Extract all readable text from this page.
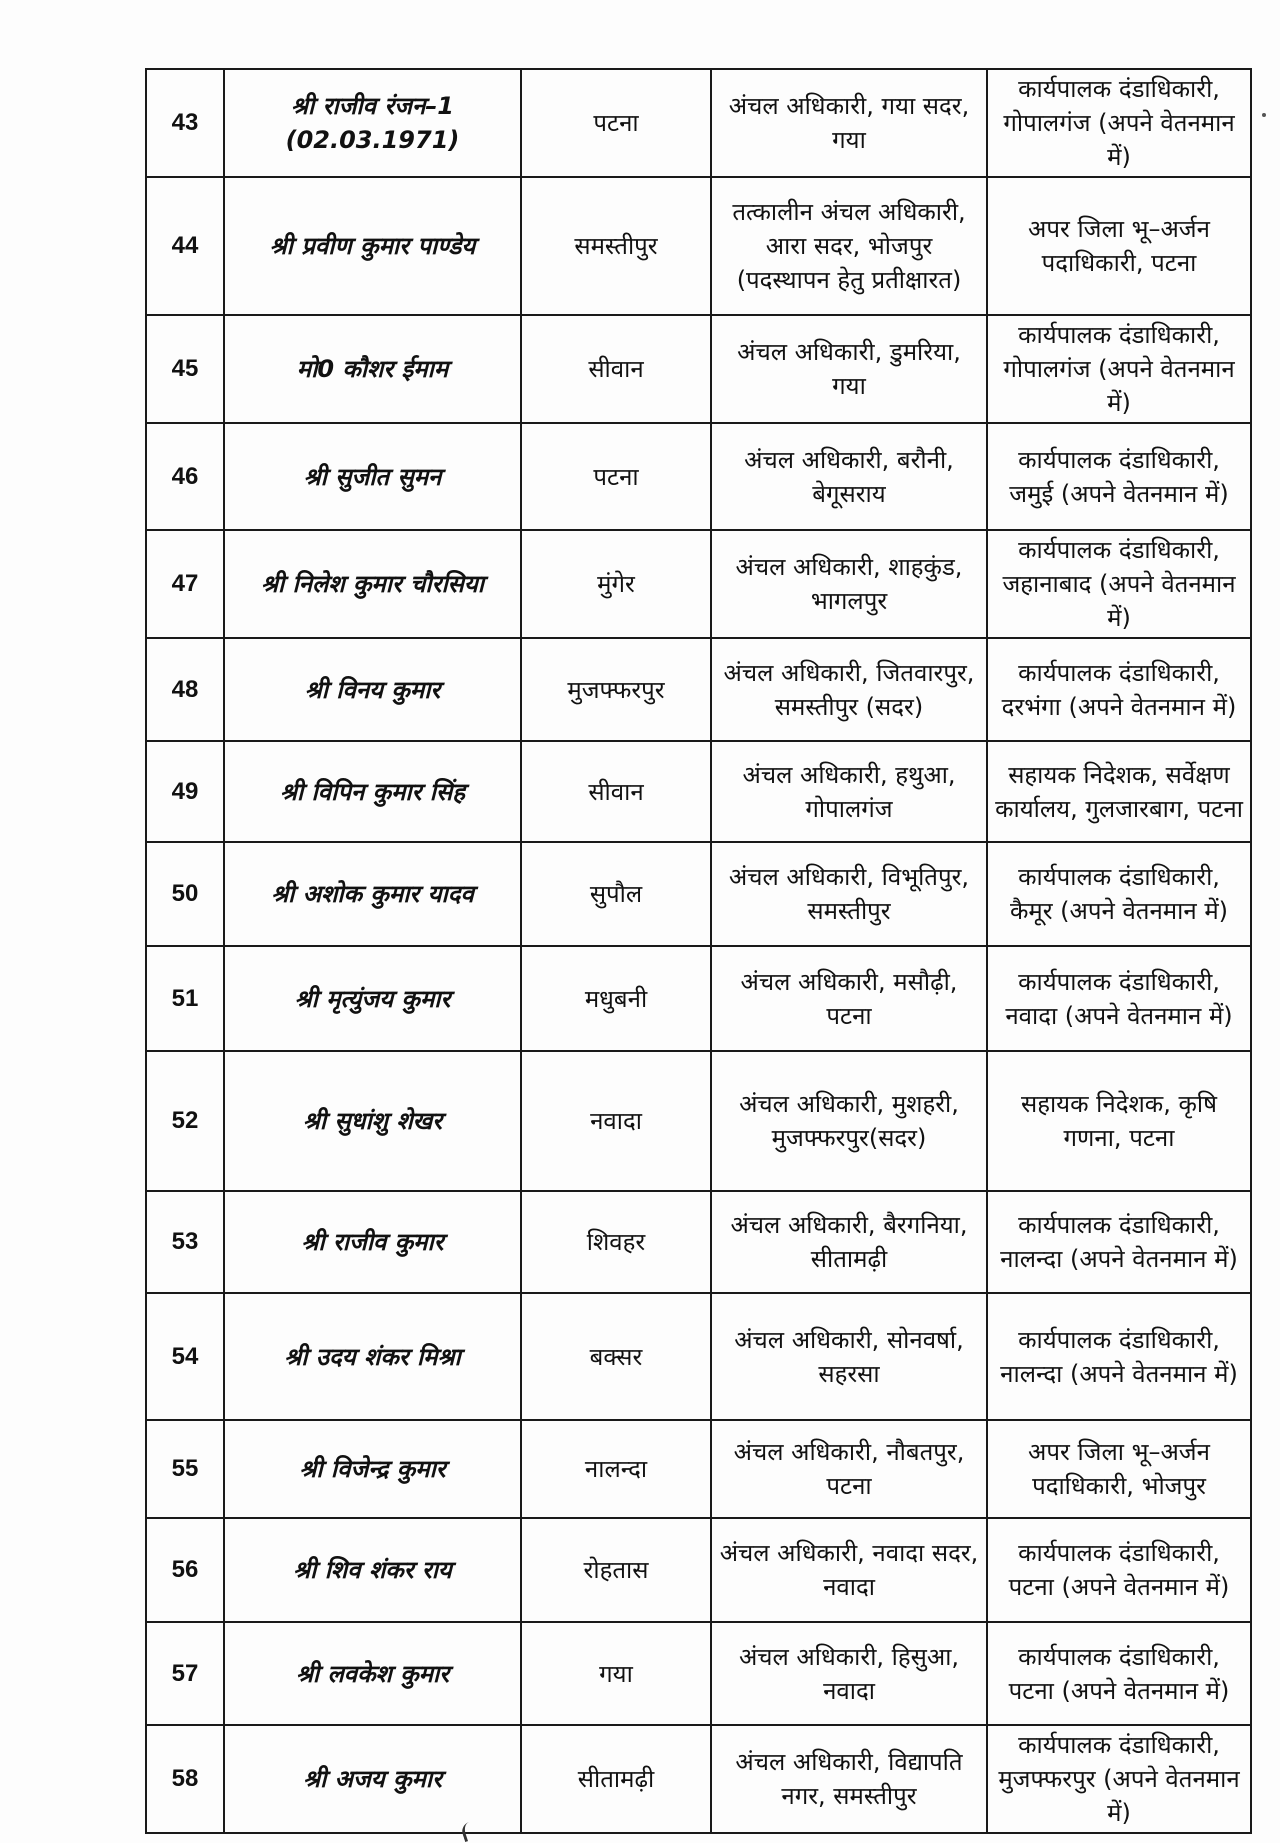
43	श्री राजीव रंजन–1 (02.03.1971)	पटना	अंचल अधिकारी, गया सदर, गया	कार्यपालक दंडाधिकारी, गोपालगंज (अपने वेतनमान में)
44	श्री प्रवीण कुमार पाण्डेय	समस्तीपुर	तत्कालीन अंचल अधिकारी, आरा सदर, भोजपुर (पदस्थापन हेतु प्रतीक्षारत)	अपर जिला भू–अर्जन पदाधिकारी, पटना
45	मो0 कौशर ईमाम	सीवान	अंचल अधिकारी, डुमरिया, गया	कार्यपालक दंडाधिकारी, गोपालगंज (अपने वेतनमान में)
46	श्री सुजीत सुमन	पटना	अंचल अधिकारी, बरौनी, बेगूसराय	कार्यपालक दंडाधिकारी, जमुई (अपने वेतनमान में)
47	श्री निलेश कुमार चौरसिया	मुंगेर	अंचल अधिकारी, शाहकुंड, भागलपुर	कार्यपालक दंडाधिकारी, जहानाबाद (अपने वेतनमान में)
48	श्री विनय कुमार	मुजफ्फरपुर	अंचल अधिकारी, जितवारपुर, समस्तीपुर (सदर)	कार्यपालक दंडाधिकारी, दरभंगा (अपने वेतनमान में)
49	श्री विपिन कुमार सिंह	सीवान	अंचल अधिकारी, हथुआ, गोपालगंज	सहायक निदेशक, सर्वेक्षण कार्यालय, गुलजारबाग, पटना
50	श्री अशोक कुमार यादव	सुपौल	अंचल अधिकारी, विभूतिपुर, समस्तीपुर	कार्यपालक दंडाधिकारी, कैमूर (अपने वेतनमान में)
51	श्री मृत्युंजय कुमार	मधुबनी	अंचल अधिकारी, मसौढ़ी, पटना	कार्यपालक दंडाधिकारी, नवादा (अपने वेतनमान में)
52	श्री सुधांशु शेखर	नवादा	अंचल अधिकारी, मुशहरी, मुजफ्फरपुर(सदर)	सहायक निदेशक, कृषि गणना, पटना
53	श्री राजीव कुमार	शिवहर	अंचल अधिकारी, बैरगनिया, सीतामढ़ी	कार्यपालक दंडाधिकारी, नालन्दा (अपने वेतनमान में)
54	श्री उदय शंकर मिश्रा	बक्सर	अंचल अधिकारी, सोनवर्षा, सहरसा	कार्यपालक दंडाधिकारी, नालन्दा (अपने वेतनमान में)
55	श्री विजेन्द्र कुमार	नालन्दा	अंचल अधिकारी, नौबतपुर, पटना	अपर जिला भू–अर्जन पदाधिकारी, भोजपुर
56	श्री शिव शंकर राय	रोहतास	अंचल अधिकारी, नवादा सदर, नवादा	कार्यपालक दंडाधिकारी, पटना (अपने वेतनमान में)
57	श्री लवकेश कुमार	गया	अंचल अधिकारी, हिसुआ, नवादा	कार्यपालक दंडाधिकारी, पटना (अपने वेतनमान में)
58	श्री अजय कुमार	सीतामढ़ी	अंचल अधिकारी, विद्यापति नगर, समस्तीपुर	कार्यपालक दंडाधिकारी, मुजफ्फरपुर (अपने वेतनमान में)
